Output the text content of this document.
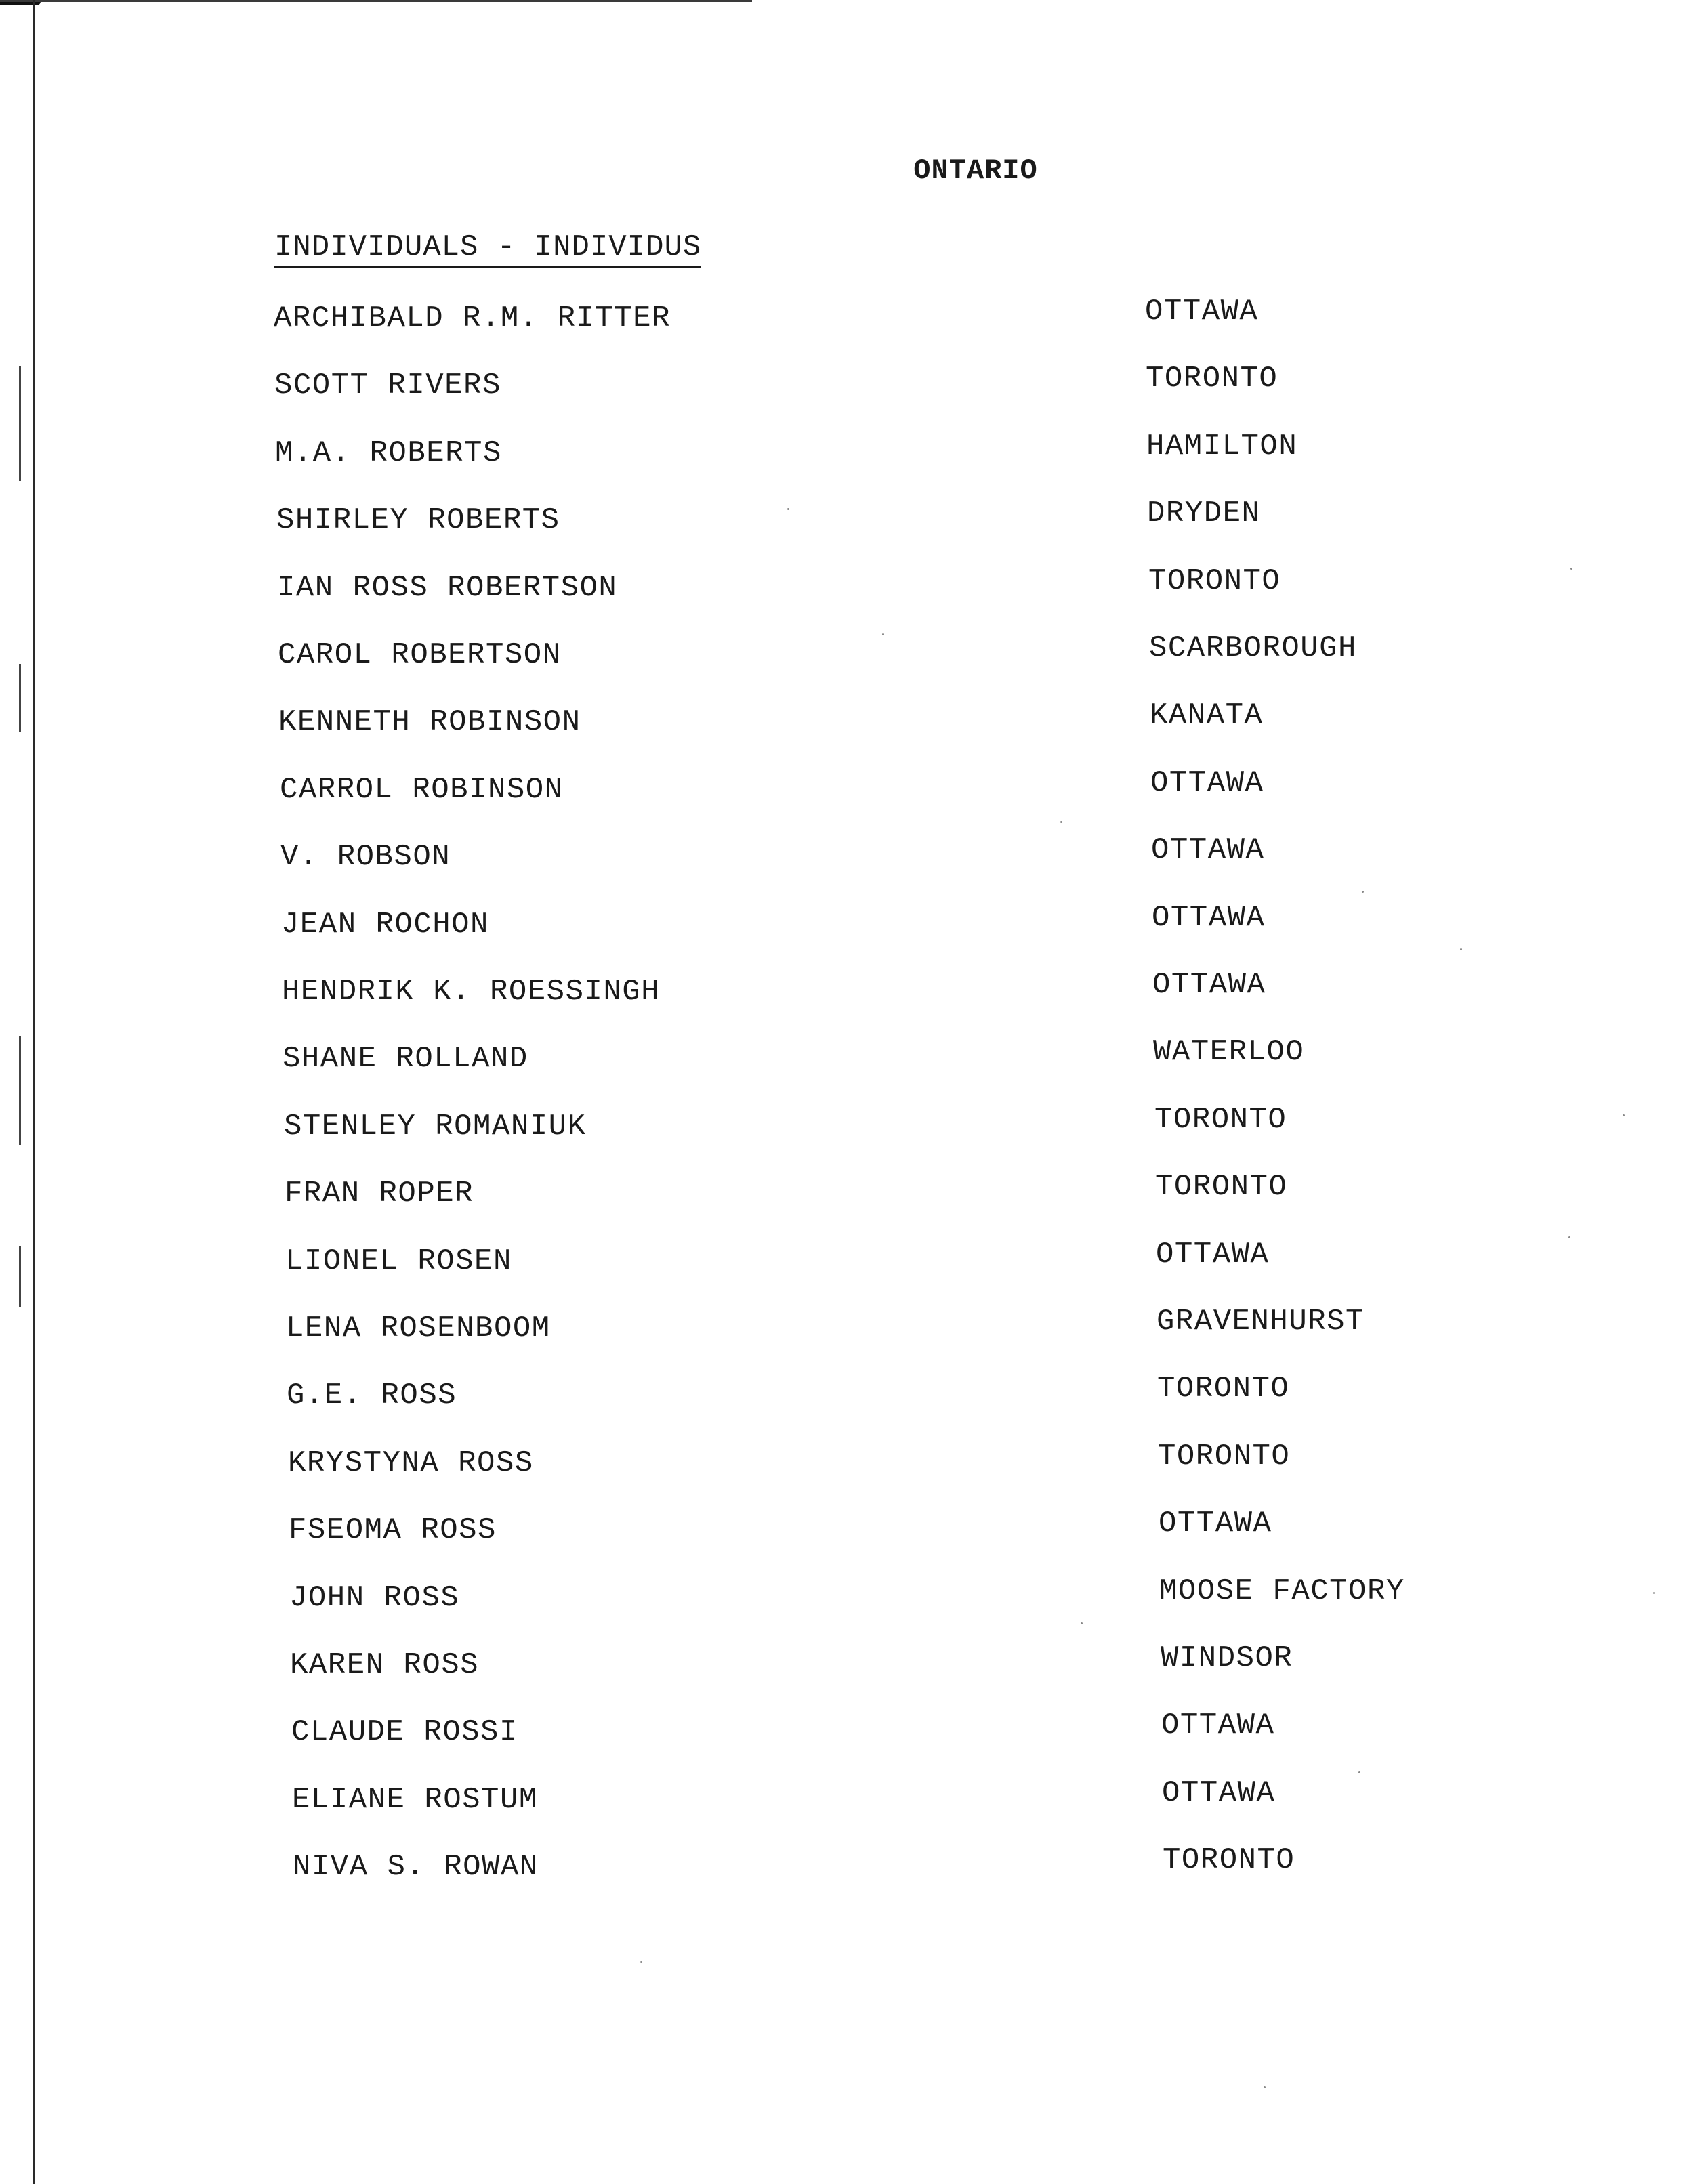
ONTARIO
INDIVIDUALS - INDIVIDUS
ARCHIBALD R.M. RITTER	OTTAWA
SCOTT RIVERS	TORONTO
M.A. ROBERTS	HAMILTON
SHIRLEY ROBERTS	DRYDEN
IAN ROSS ROBERTSON	TORONTO
CAROL ROBERTSON	SCARBOROUGH
KENNETH ROBINSON	KANATA
CARROL ROBINSON	OTTAWA
V. ROBSON	OTTAWA
JEAN ROCHON	OTTAWA
HENDRIK K. ROESSINGH	OTTAWA
SHANE ROLLAND	WATERLOO
STENLEY ROMANIUK	TORONTO
FRAN ROPER	TORONTO
LIONEL ROSEN	OTTAWA
LENA ROSENBOOM	GRAVENHURST
G.E. ROSS	TORONTO
KRYSTYNA ROSS	TORONTO
FSEOMA ROSS	OTTAWA
JOHN ROSS	MOOSE FACTORY
KAREN ROSS	WINDSOR
CLAUDE ROSSI	OTTAWA
ELIANE ROSTUM	OTTAWA
NIVA S. ROWAN	TORONTO
